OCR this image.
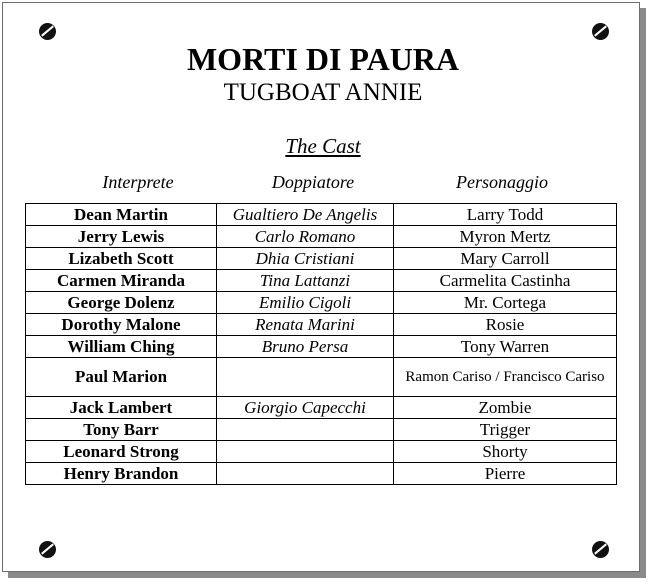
MORTI DI PAURA
TUGBOAT ANNIE
The Cast
Interprete	Doppiatore	Personaggio
Dean Martin	Gualtiero De Angelis	Larry Todd
Jerry Lewis	Carlo Romano	Myron Mertz
Lizabeth Scott	Dhia Cristiani	Mary Carroll
Carmen Miranda	Tina Lattanzi	Carmelita Castinha
George Dolenz	Emilio Cigoli	Mr. Cortega
Dorothy Malone	Renata Marini	Rosie
William Ching	Bruno Persa	Tony Warren
Paul Marion		Ramon Cariso / Francisco Cariso
Jack Lambert	Giorgio Capecchi	Zombie
Tony Barr		Trigger
Leonard Strong		Shorty
Henry Brandon		Pierre
